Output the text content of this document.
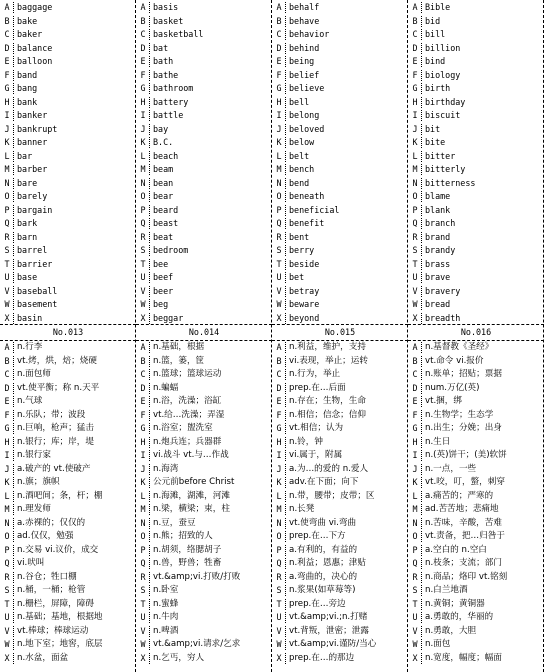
A baggage
B bake
C baker
D balance
E balloon
F band
G bang
H bank
I banker
J bankrupt
K banner
L bar
M barber
N bare
O barely
P bargain
Q bark
R barn
S barrel
T barrier
U base
V baseball
W basement
X basin
No.013
A n.行李
B vt.烤，烘，焙；烧硬
C n.面包师
D vt.使平衡；称 n.天平
E n.气球
F n.乐队；带；波段
G n.巨响，枪声；猛击
H n.银行；库；岸，堤
I n.银行家
J a.破产的 vt.使破产
K n.旗；旗帜
L n.酒吧间；条，杆；棚
M n.理发师
N a.赤裸的；仅仅的
O ad.仅仅，勉强
P n.交易 vi.议价，成交
Q vi.吠叫
R n.谷仓；牲口棚
S n.桶，一桶；枪管
T n.栅栏，屏障，障碍
U n.基础；基地，根据地
V vt.棒球；棒球运动
W n.地下室；地窖，底层
X n.水盆，面盆
A basis
B basket
C basketball
D bat
E bath
F bathe
G bathroom
H battery
I battle
J bay
K B.C.
L beach
M beam
N bean
O bear
P beard
Q beast
R beat
S bedroom
T bee
U beef
V beer
W beg
X beggar
No.014
A n.基础，根据
B n.篮，篓，筐
C n.篮球；篮球运动
D n.蝙蝠
E n.浴，洗澡；浴缸
F vt.给…洗澡；弄湿
G n.浴室；盥洗室
H n.炮兵连；兵器群
I vi.战斗 vt.与…作战
J n.海湾
K 公元前before Christ
L n.海滩，湖滩，河滩
M n.梁，横梁；束，柱
N n.豆，蚕豆
O n.熊；招致的人
P n.胡须，络腮胡子
Q n.兽，野兽；牲畜
R vt.&amp;vi.打败/打败
S n.卧室
T n.蜜蜂
U n.牛肉
V n.啤酒
W vt.&amp;vi.请求/乞求
X n.乞丐，穷人
A behalf
B behave
C behavior
D behind
E being
F belief
G believe
H bell
I belong
J beloved
K below
L belt
M bench
N bend
O beneath
P beneficial
Q benefit
R bent
S berry
T beside
U bet
V betray
W beware
X beyond
No.015
A n.利益，维护，支持
B vi.表现，举止；运转
C n.行为，举止
D prep.在…后面
E n.存在；生物，生命
F n.相信；信念；信仰
G vt.相信；认为
H n.铃，钟
I vi.属于，附属
J a.为…的爱的 n.爱人
K adv.在下面；向下
L n.带，腰带；皮带；区
M n.长凳
N vt.使弯曲 vi.弯曲
O prep.在…下方
P a.有利的，有益的
Q n.利益；恩惠；津贴
R a.弯曲的，决心的
S n.浆果(如草莓等)
T prep.在…旁边
U vt.&amp;vi.;n.打赌
V vt.背叛，泄密；泄露
W vt.&amp;vi.谨防/当心
X prep.在…的那边
A Bible
B bid
C bill
D billion
E bind
F biology
G birth
H birthday
I biscuit
J bit
K bite
L bitter
M bitterly
N bitterness
O blame
P blank
Q branch
R brand
S brandy
T brass
U brave
V bravery
W bread
X breadth
No.016
A n.基督教《圣经》
B vt.命令 vi.报价
C n.账单；招贴；票据
D num.万亿(英)
E vt.捆，绑
F n.生物学；生态学
G n.出生；分娩；出身
H n.生日
I n.(英)饼干；(美)软饼
J n.一点，一些
K vt.咬，叮，螫，刺穿
L a.痛苦的；严寒的
M ad.苦苦地；悲痛地
N n.苦味，辛酸，苦难
O vt.责备，把…归咎于
P a.空白的 n.空白
Q n.枝条；支流；部门
R n.商品；烙印 vt.铭刻
S n.白兰地酒
T n.黄铜；黄铜器
U a.勇敢的，华丽的
V n.勇敢，大胆
W n.面包
X n.宽度，幅度；幅面
